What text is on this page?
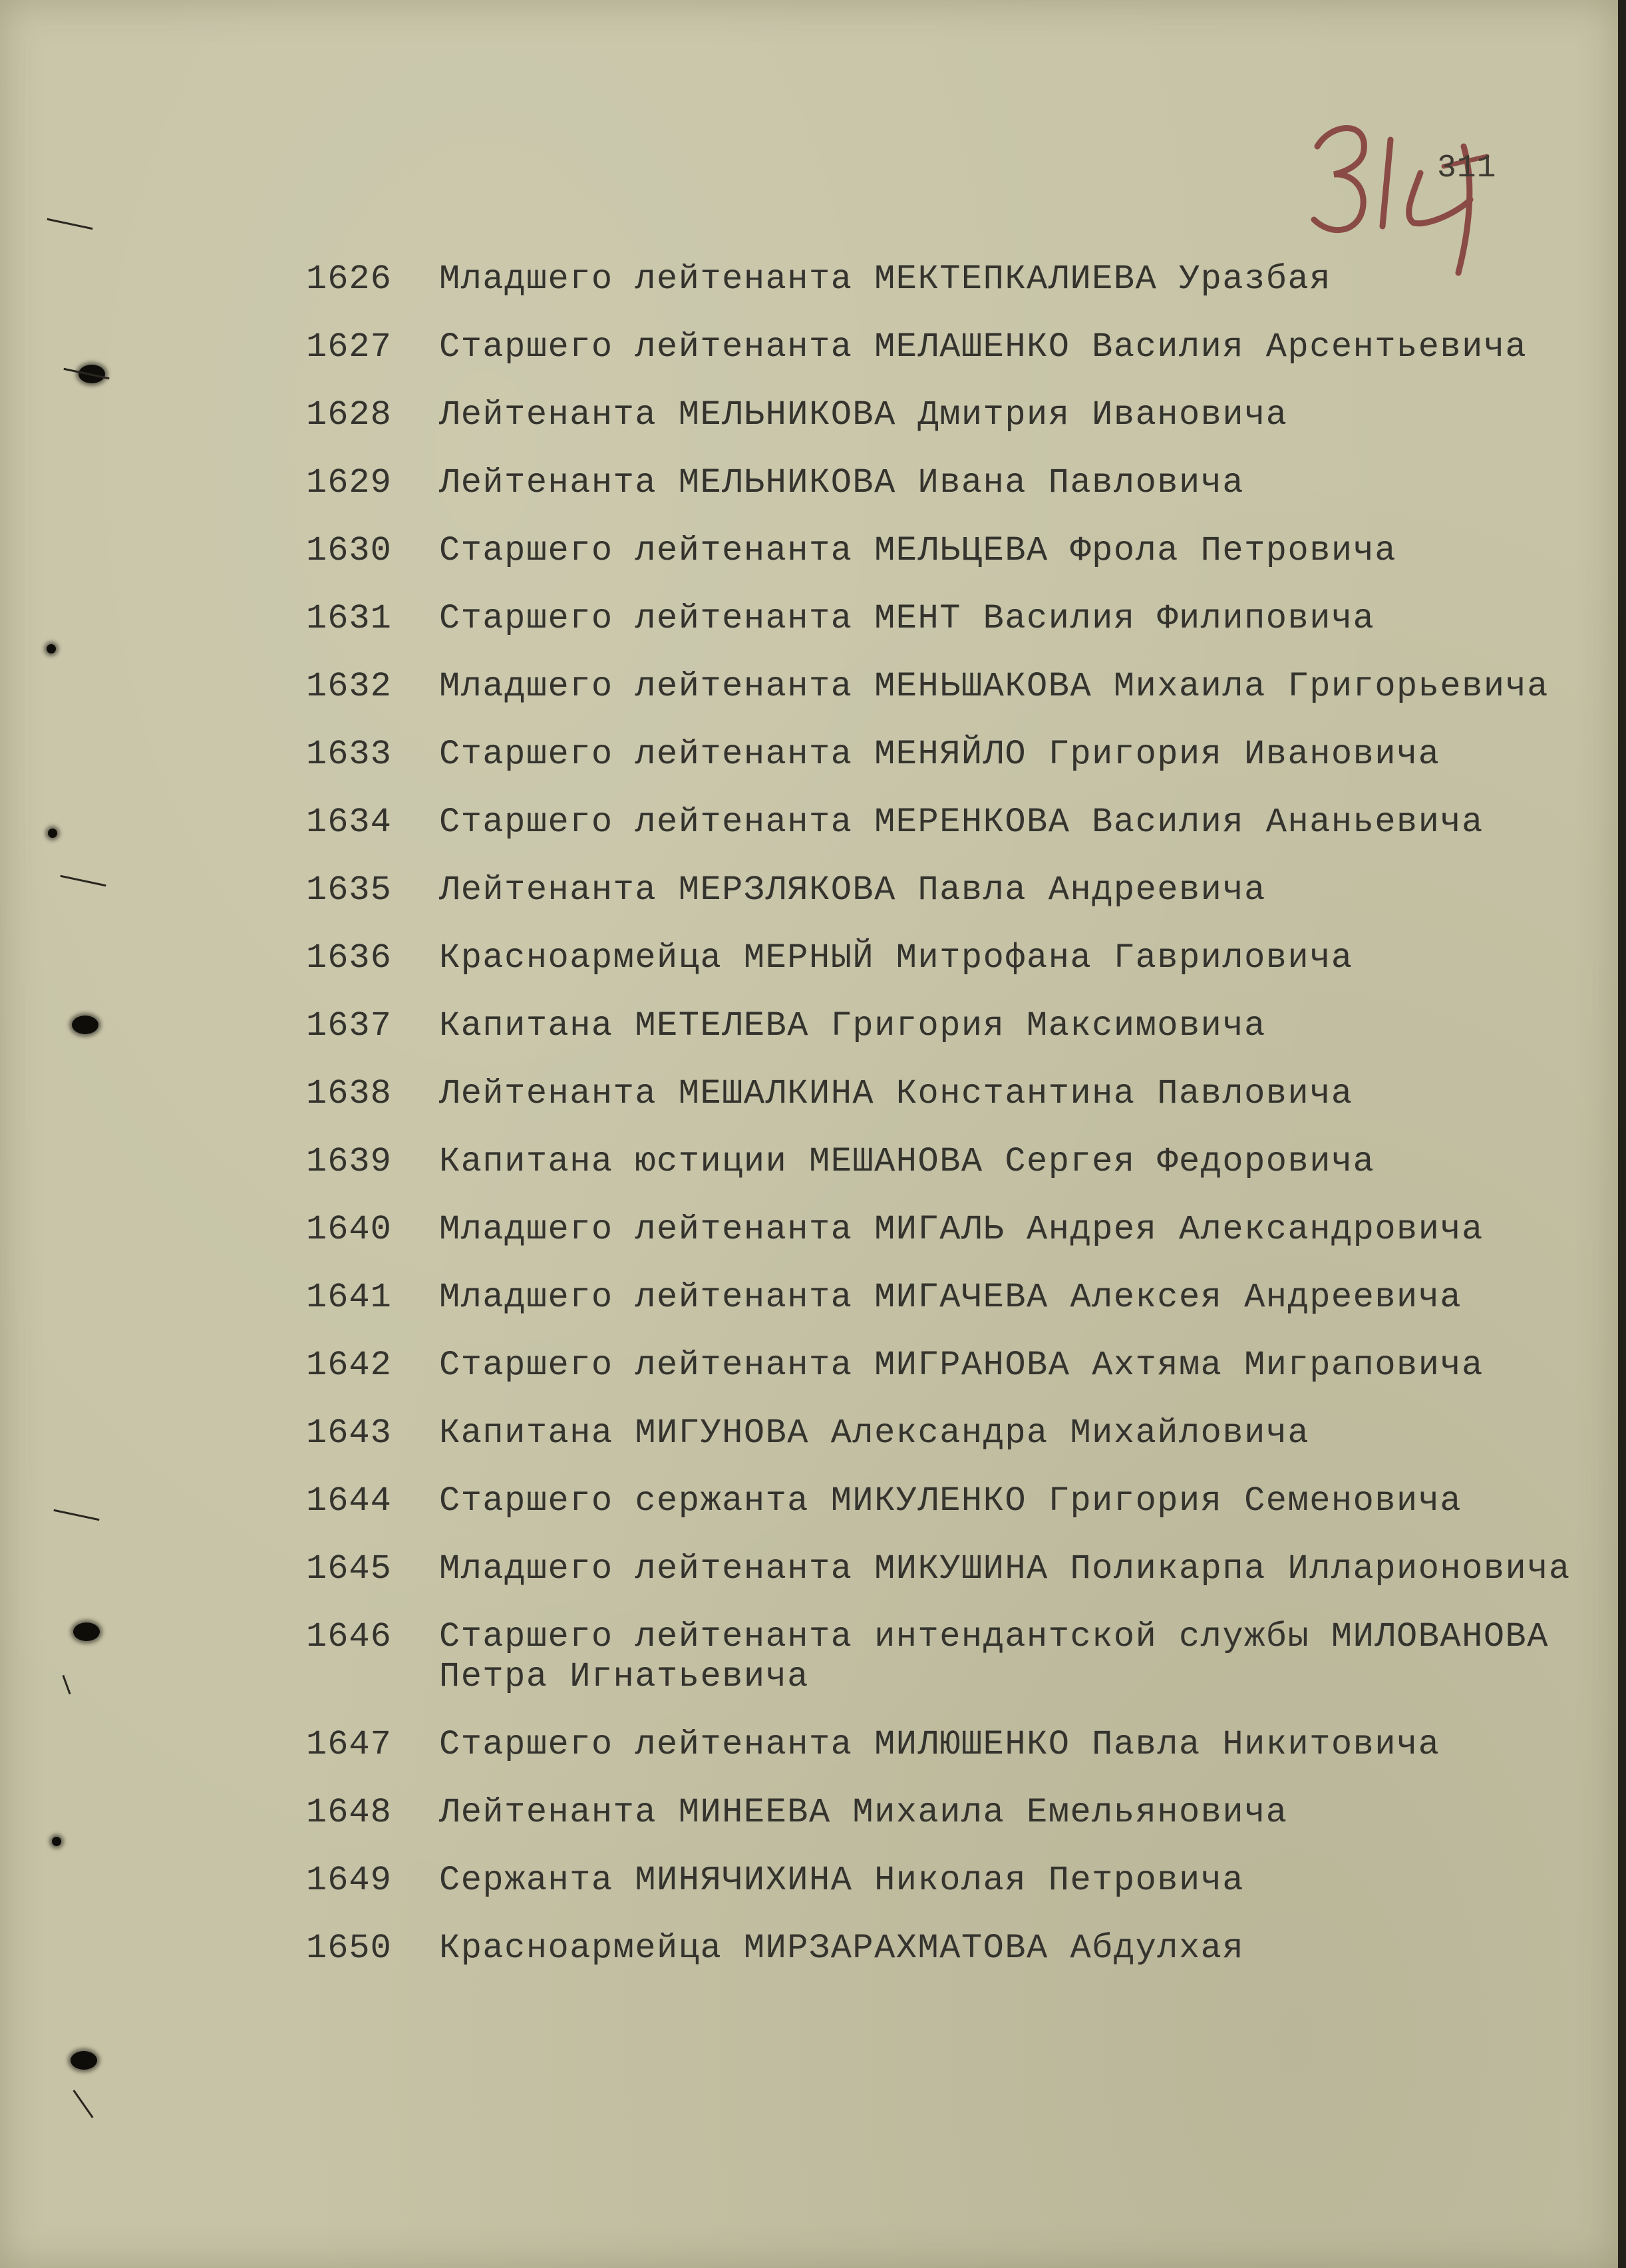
311
1626	Младшего лейтенанта МЕКТЕПКАЛИЕВА Уразбая
1627	Старшего лейтенанта МЕЛАШЕНКО Василия Арсентьевича
1628	Лейтенанта МЕЛЬНИКОВА Дмитрия Ивановича
1629	Лейтенанта МЕЛЬНИКОВА Ивана Павловича
1630	Старшего лейтенанта МЕЛЬЦЕВА Фрола Петровича
1631	Старшего лейтенанта МЕНТ Василия Филиповича
1632	Младшего лейтенанта МЕНЬШАКОВА Михаила Григорьевича
1633	Старшего лейтенанта МЕНЯЙЛО Григория Ивановича
1634	Старшего лейтенанта МЕРЕНКОВА Василия Ананьевича
1635	Лейтенанта МЕРЗЛЯКОВА Павла Андреевича
1636	Красноармейца МЕРНЫЙ Митрофана Гавриловича
1637	Капитана МЕТЕЛЕВА Григория Максимовича
1638	Лейтенанта МЕШАЛКИНА Константина Павловича
1639	Капитана юстиции МЕШАНОВА Сергея Федоровича
1640	Младшего лейтенанта МИГАЛЬ Андрея Александровича
1641	Младшего лейтенанта МИГАЧЕВА Алексея Андреевича
1642	Старшего лейтенанта МИГРАНОВА Ахтяма Миграповича
1643	Капитана МИГУНОВА Александра Михайловича
1644	Старшего сержанта МИКУЛЕНКО Григория Семеновича
1645	Младшего лейтенанта МИКУШИНА Поликарпа Илларионовича
1646	Старшего лейтенанта интендантской службы МИЛОВАНОВА
Петра Игнатьевича
1647	Старшего лейтенанта МИЛЮШЕНКО Павла Никитовича
1648	Лейтенанта МИНЕЕВА Михаила Емельяновича
1649	Сержанта МИНЯЧИХИНА Николая Петровича
1650	Красноармейца МИРЗАРАХМАТОВА Абдулхая
